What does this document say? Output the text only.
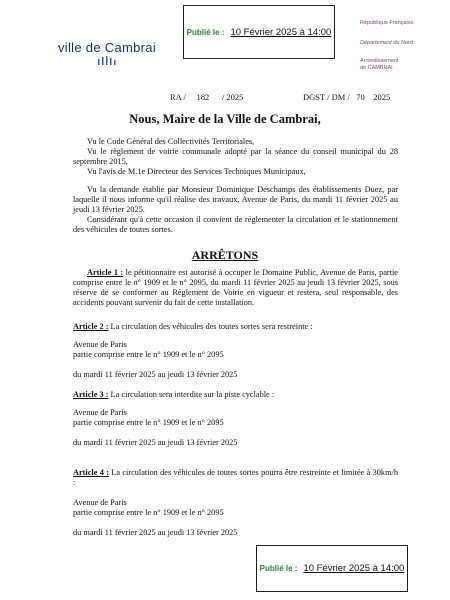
Publié le : 10 Février 2025 à 14:00
ville de Cambrai
République Française
Département du Nord
Arrondissement
de CAMBRAI
RA /     182      / 2025	DGST / DM /   70    2025
Nous, Maire de la Ville de Cambrai,

Vu le Code Général des Collectivités Territoriales,

Vu le règlement de voirie communale adopté par la séance du conseil municipal du 28 septembre 2015,

Vu l'avis de M.1e Directeur des Services Techniques Municipaux,

Vu la demande établie par Monsieur Dominique Deschamps des établissements Duez, par laquelle il nous informe qu'il réalise des travaux, Avenue de Paris, du mardi 11 février 2025 au jeudi 13 février 2025.

Considérant qu'à cette occasion il convient de réglementer la circulation et le stationnement des véhicules de toutes sortes.

ARRÊTONS

Article 1 : le pétitionnaire est autorisé à occuper le Domaine Public, Avenue de Paris, partie comprise entre le n° 1909 et le n° 2095, du mardi 11 février 2025 au jeudi 13 février 2025, sous réserve de se conformer au Règlement de Voirie en vigueur et restera, seul responsable, des accidents pouvant survenir du fait de cette installation.

Article 2 : La circulation des véhicules des toutes sortes sera restreinte :
Avenue de Paris
partie comprise entre le n° 1909 et le n° 2095
du mardi 11 février 2025 au jeudi 13 février 2025
Article 3 : La circulation sera interdite sur la piste cyclable :
Avenue de Paris
partie comprise entre le n° 1909 et le n° 2095
du mardi 11 février 2025 au jeudi 13 février 2025

Article 4 : La circulation des véhicules de toutes sortes pourra être restreinte et limitée à 30km/h :

Avenue de Paris
partie comprise entre le n° 1909 et le n° 2095
du mardi 11 février 2025 au jeudi 13 février 2025
Publié le : 10 Février 2025 à 14:00
